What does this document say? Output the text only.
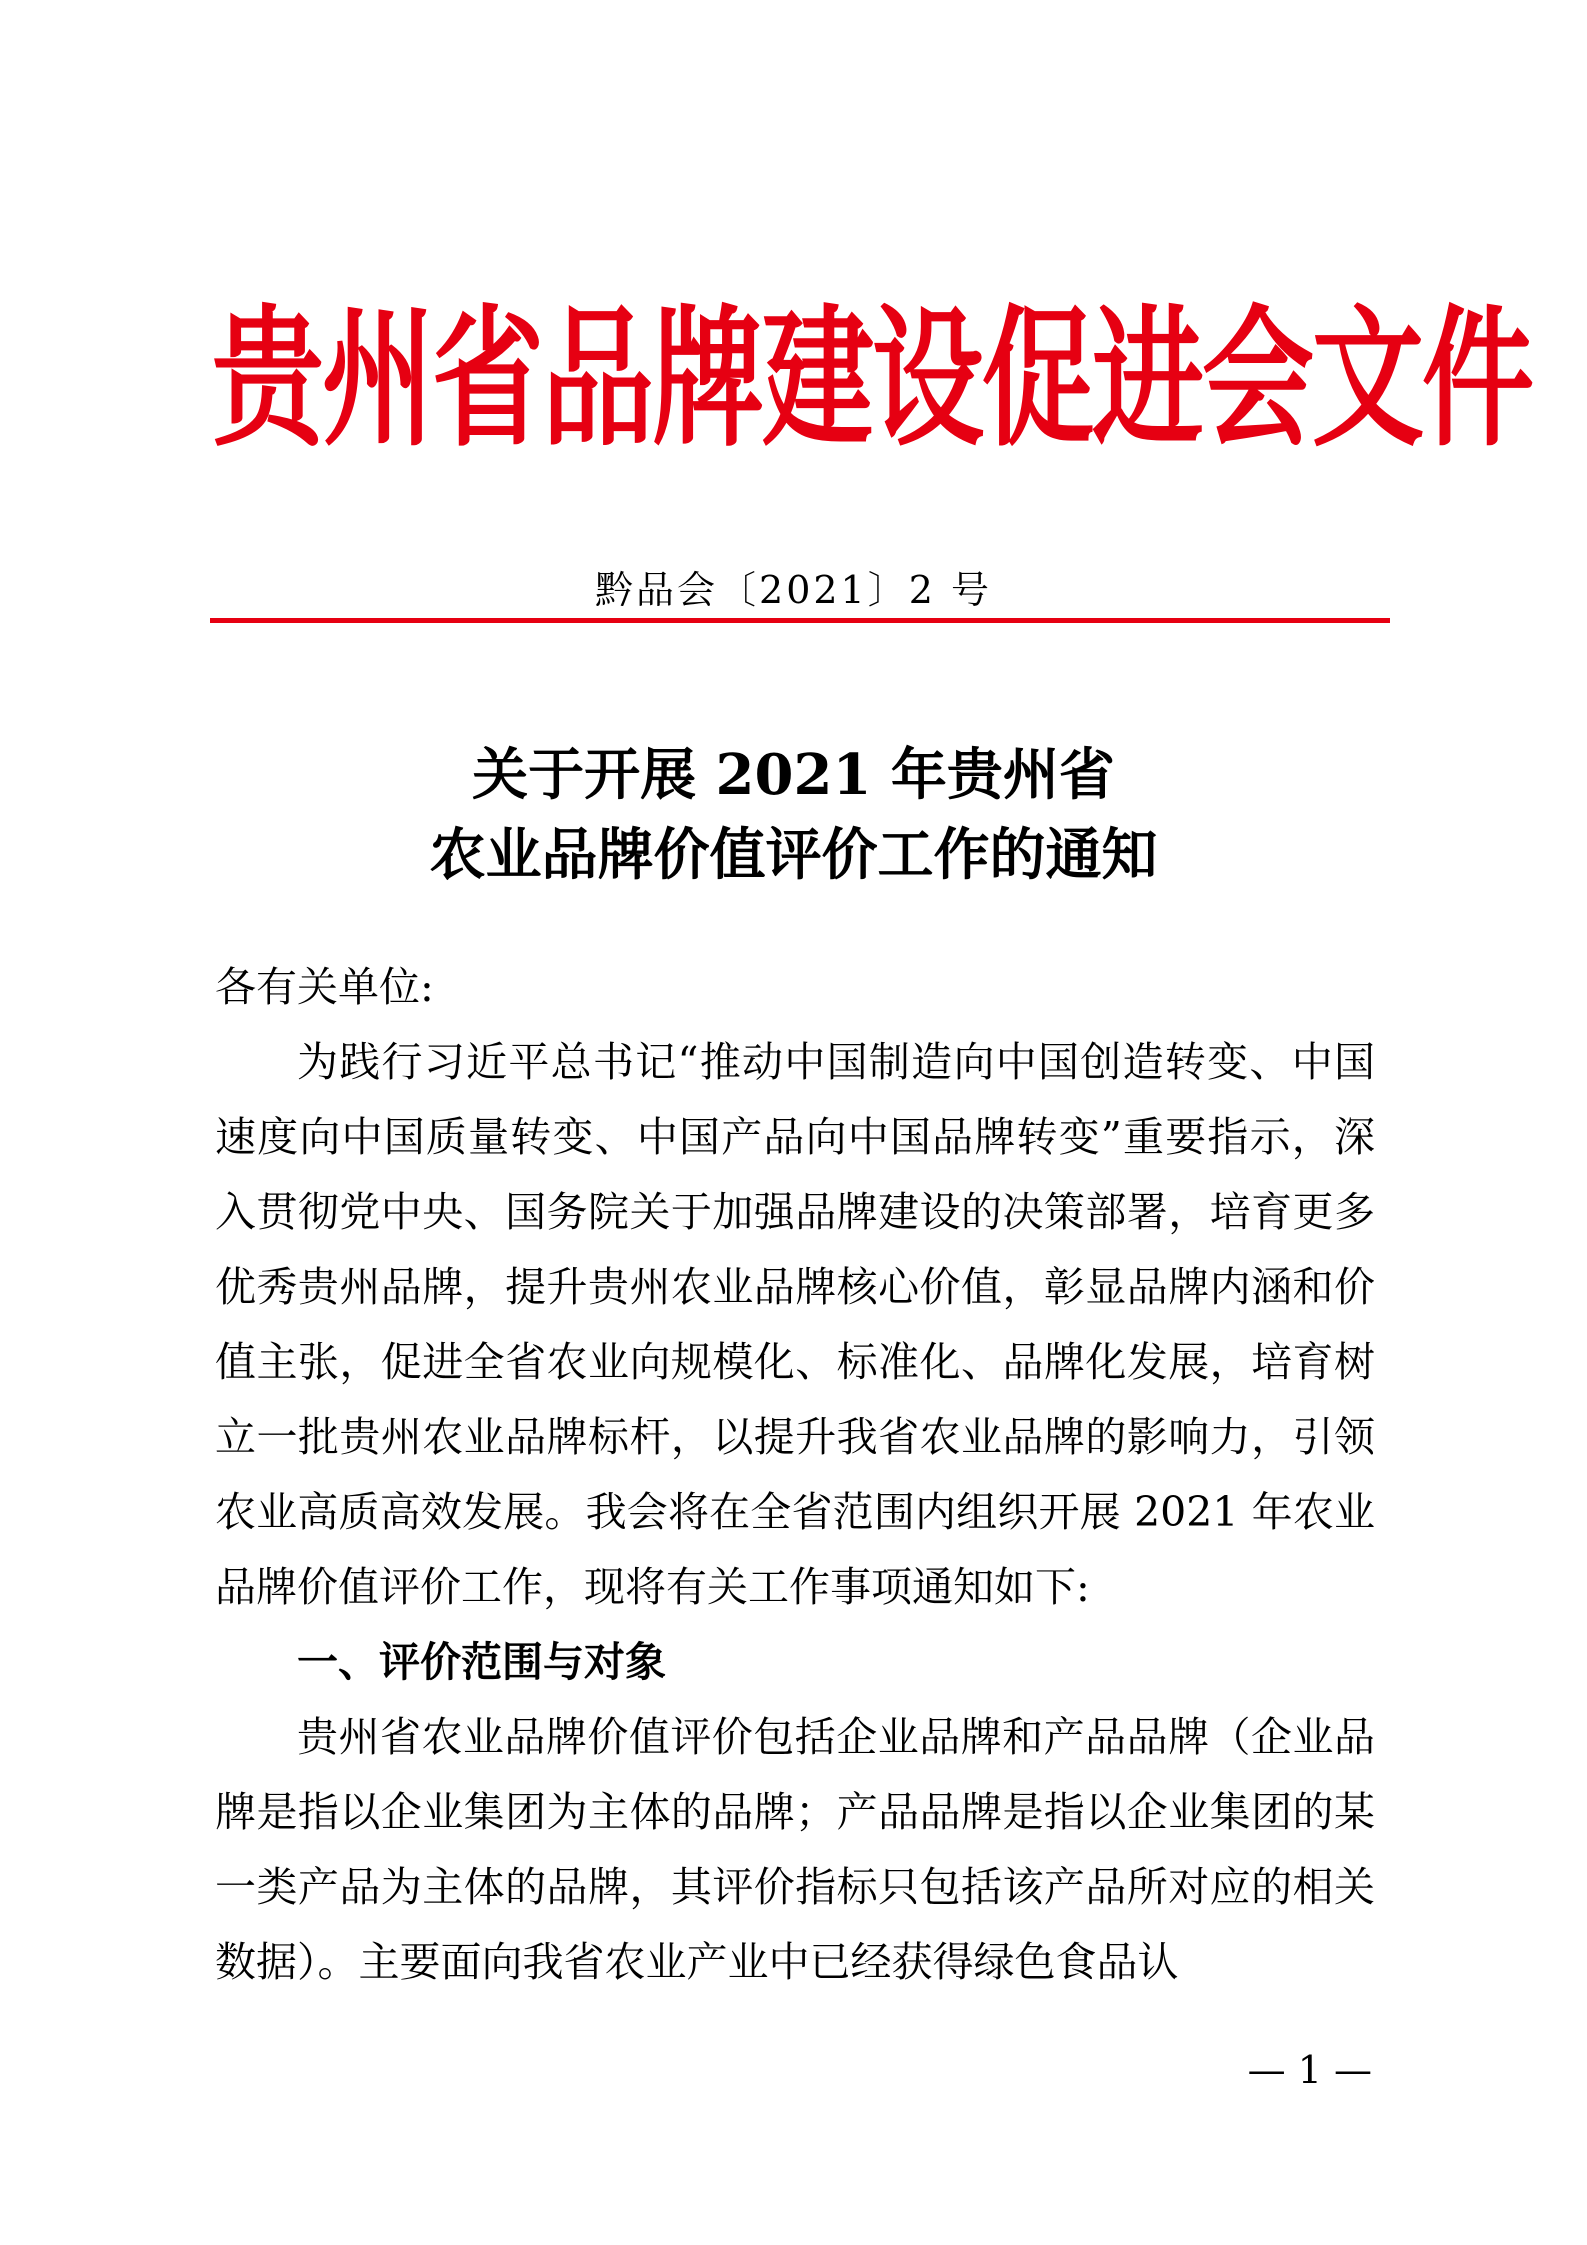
贵州省品牌建设促进会文件
黔品会〔2021〕2 号
关于开展 2021 年贵州省
农业品牌价值评价工作的通知

各有关单位:

为践行习近平总书记“推动中国制造向中国创造转变、中国速度向中国质量转变、中国产品向中国品牌转变”重要指示，深入贯彻党中央、国务院关于加强品牌建设的决策部署，培育更多优秀贵州品牌，提升贵州农业品牌核心价值，彰显品牌内涵和价值主张，促进全省农业向规模化、标准化、品牌化发展，培育树立一批贵州农业品牌标杆，以提升我省农业品牌的影响力，引领农业高质高效发展。我会将在全省范围内组织开展 2021 年农业品牌价值评价工作，现将有关工作事项通知如下:

一、评价范围与对象

贵州省农业品牌价值评价包括企业品牌和产品品牌（企业品牌是指以企业集团为主体的品牌；产品品牌是指以企业集团的某一类产品为主体的品牌，其评价指标只包括该产品所对应的相关数据）。主要面向我省农业产业中已经获得绿色食品认

— 1 —
